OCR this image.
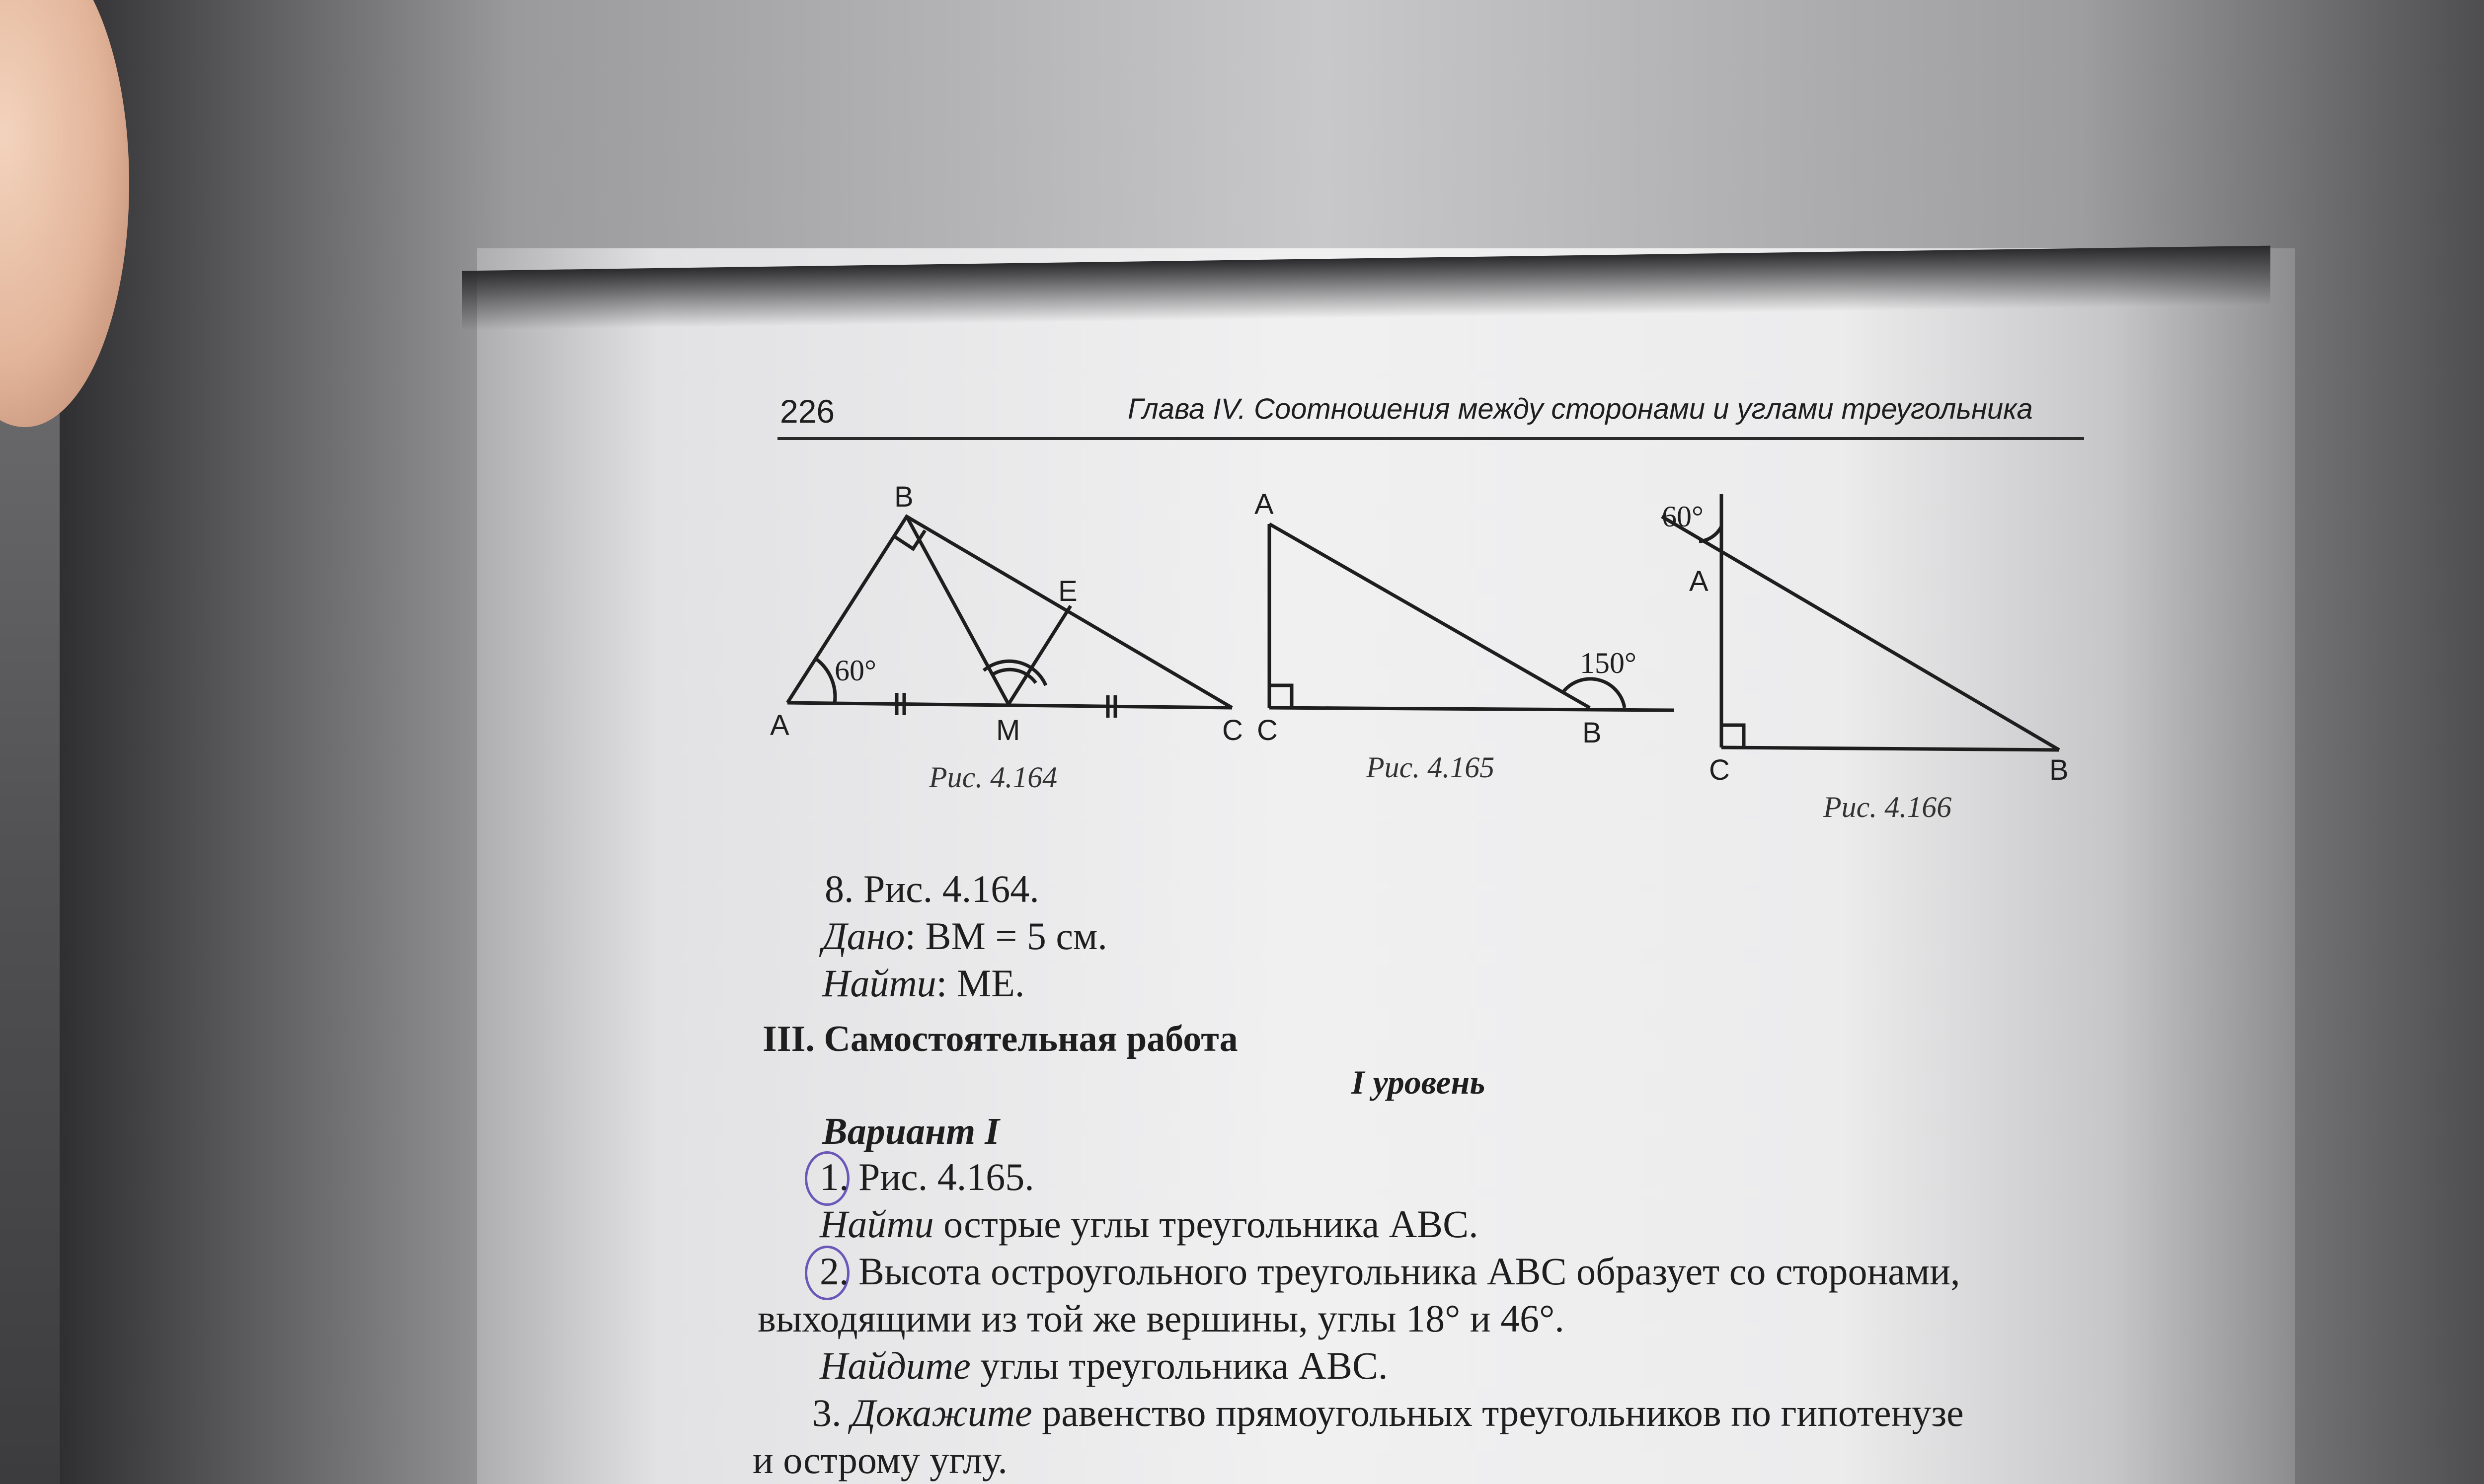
226	Глава IV. Соотношения между сторонами и углами треугольника
A
B
E
M	C
60°
Рис. 4.164
A
C	B
150°
Рис. 4.165
60°
A
C	B
Рис. 4.166
8. Рис. 4.164.
Дано: BM = 5 см.
Найти: ME.
III. Самостоятельная работа
I уровень
Вариант I
1. Рис. 4.165.
Найти острые углы треугольника ABC.
2. Высота остроугольного треугольника ABC образует со сторонами,
выходящими из той же вершины, углы 18° и 46°.
Найдите углы треугольника ABC.
3. Докажите равенство прямоугольных треугольников по гипотенузе
и острому углу.
